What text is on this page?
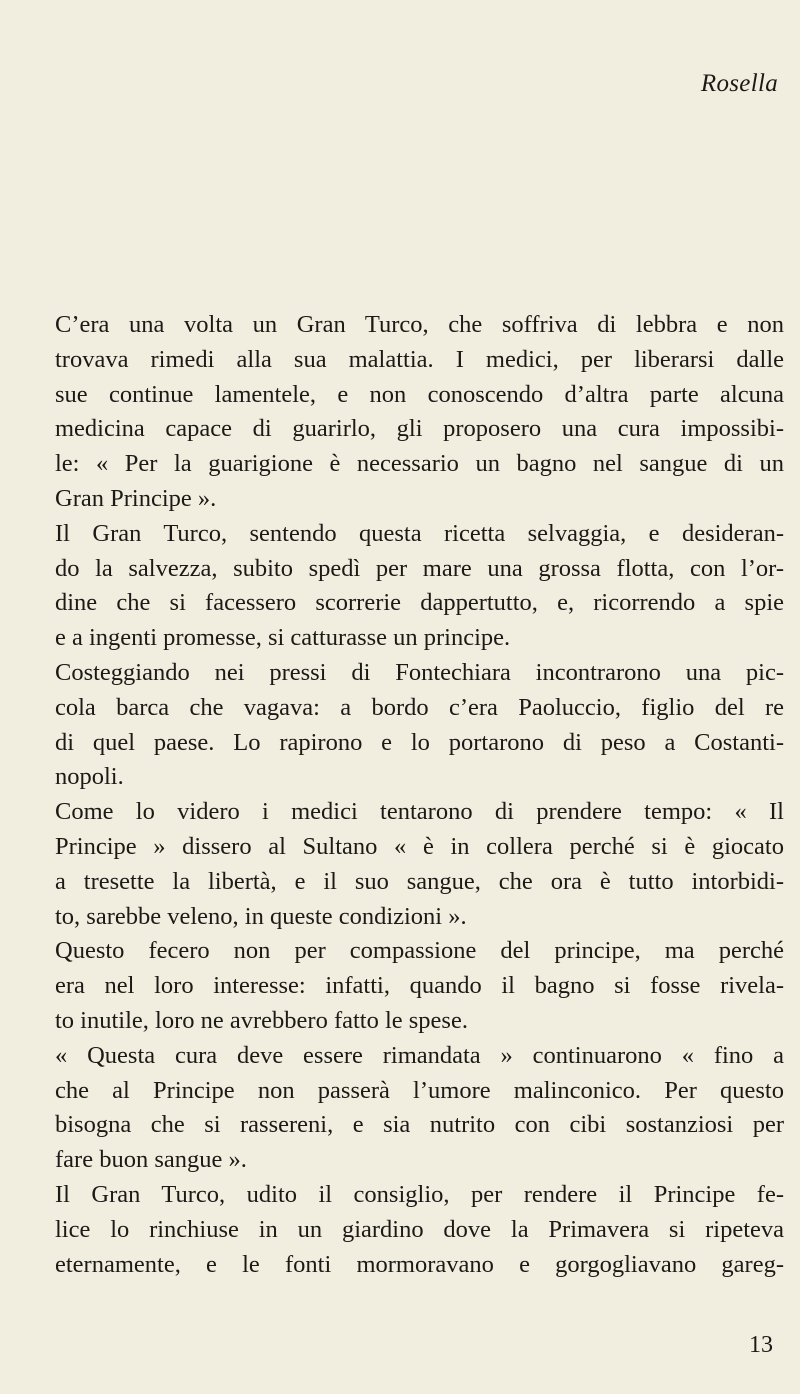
Rosella
C’era una volta un Gran Turco, che soffriva di lebbra e non
trovava rimedi alla sua malattia. I medici, per liberarsi dalle
sue continue lamentele, e non conoscendo d’altra parte alcuna
medicina capace di guarirlo, gli proposero una cura impossibi-
le: « Per la guarigione è necessario un bagno nel sangue di un
Gran Principe ».
Il Gran Turco, sentendo questa ricetta selvaggia, e desideran-
do la salvezza, subito spedì per mare una grossa flotta, con l’or-
dine che si facessero scorrerie dappertutto, e, ricorrendo a spie
e a ingenti promesse, si catturasse un principe.
Costeggiando nei pressi di Fontechiara incontrarono una pic-
cola barca che vagava: a bordo c’era Paoluccio, figlio del re
di quel paese. Lo rapirono e lo portarono di peso a Costanti-
nopoli.
Come lo videro i medici tentarono di prendere tempo: « Il
Principe » dissero al Sultano « è in collera perché si è giocato
a tresette la libertà, e il suo sangue, che ora è tutto intorbidi-
to, sarebbe veleno, in queste condizioni ».
Questo fecero non per compassione del principe, ma perché
era nel loro interesse: infatti, quando il bagno si fosse rivela-
to inutile, loro ne avrebbero fatto le spese.
« Questa cura deve essere rimandata » continuarono « fino a
che al Principe non passerà l’umore malinconico. Per questo
bisogna che si rassereni, e sia nutrito con cibi sostanziosi per
fare buon sangue ».
Il Gran Turco, udito il consiglio, per rendere il Principe fe-
lice lo rinchiuse in un giardino dove la Primavera si ripeteva
eternamente, e le fonti mormoravano e gorgogliavano gareg-
13
